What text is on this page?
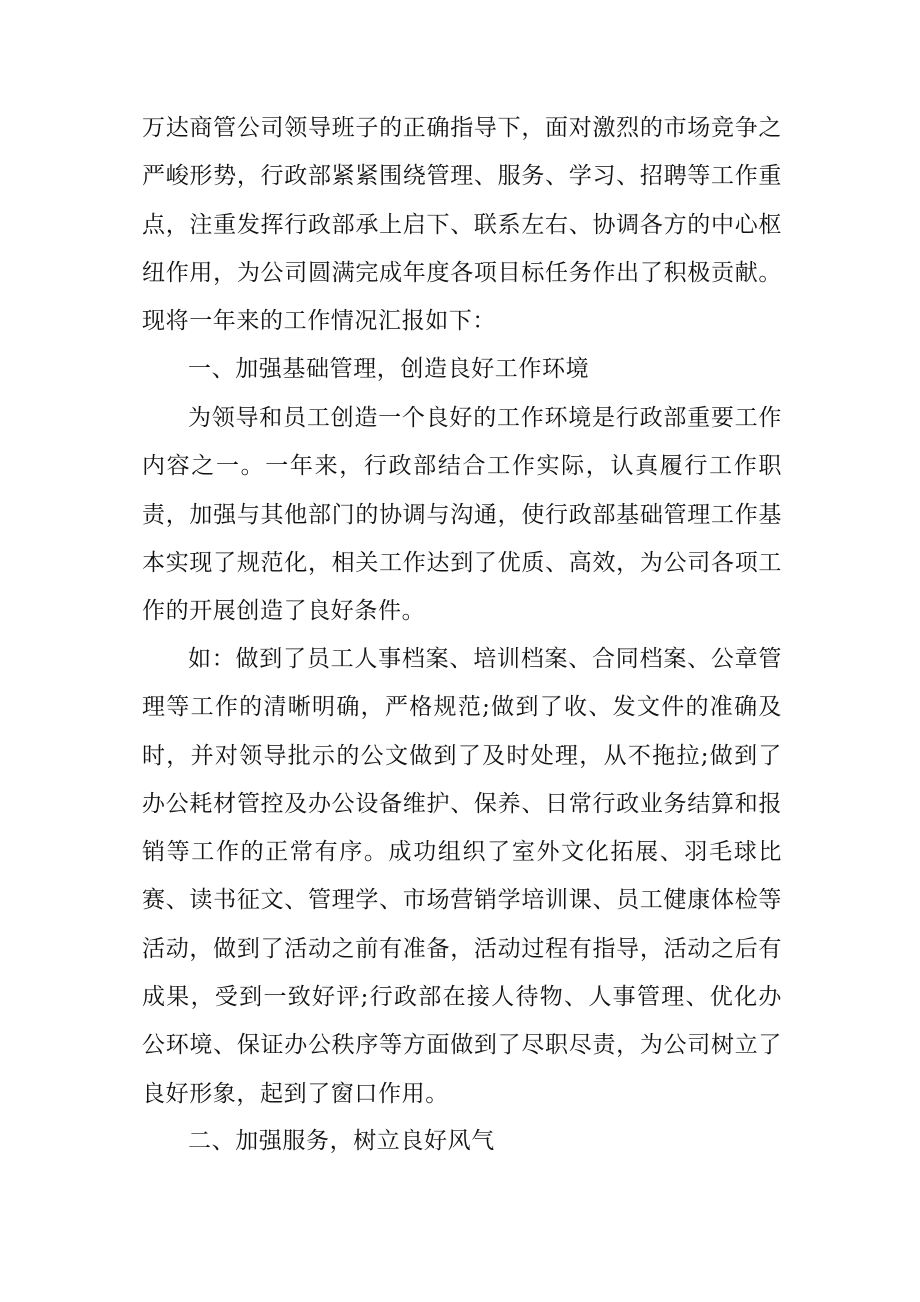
万达商管公司领导班子的正确指导下，面对激烈的市场竞争之严峻形势，行政部紧紧围绕管理、服务、学习、招聘等工作重点，注重发挥行政部承上启下、联系左右、协调各方的中心枢纽作用，为公司圆满完成年度各项目标任务作出了积极贡献。现将一年来的工作情况汇报如下：
一、加强基础管理，创造良好工作环境
为领导和员工创造一个良好的工作环境是行政部重要工作内容之一。一年来，行政部结合工作实际，认真履行工作职责，加强与其他部门的协调与沟通，使行政部基础管理工作基本实现了规范化，相关工作达到了优质、高效，为公司各项工作的开展创造了良好条件。
如：做到了员工人事档案、培训档案、合同档案、公章管理等工作的清晰明确，严格规范;做到了收、发文件的准确及时，并对领导批示的公文做到了及时处理，从不拖拉;做到了办公耗材管控及办公设备维护、保养、日常行政业务结算和报销等工作的正常有序。成功组织了室外文化拓展、羽毛球比赛、读书征文、管理学、市场营销学培训课、员工健康体检等活动，做到了活动之前有准备，活动过程有指导，活动之后有成果，受到一致好评;行政部在接人待物、人事管理、优化办公环境、保证办公秩序等方面做到了尽职尽责，为公司树立了良好形象，起到了窗口作用。
二、加强服务，树立良好风气
